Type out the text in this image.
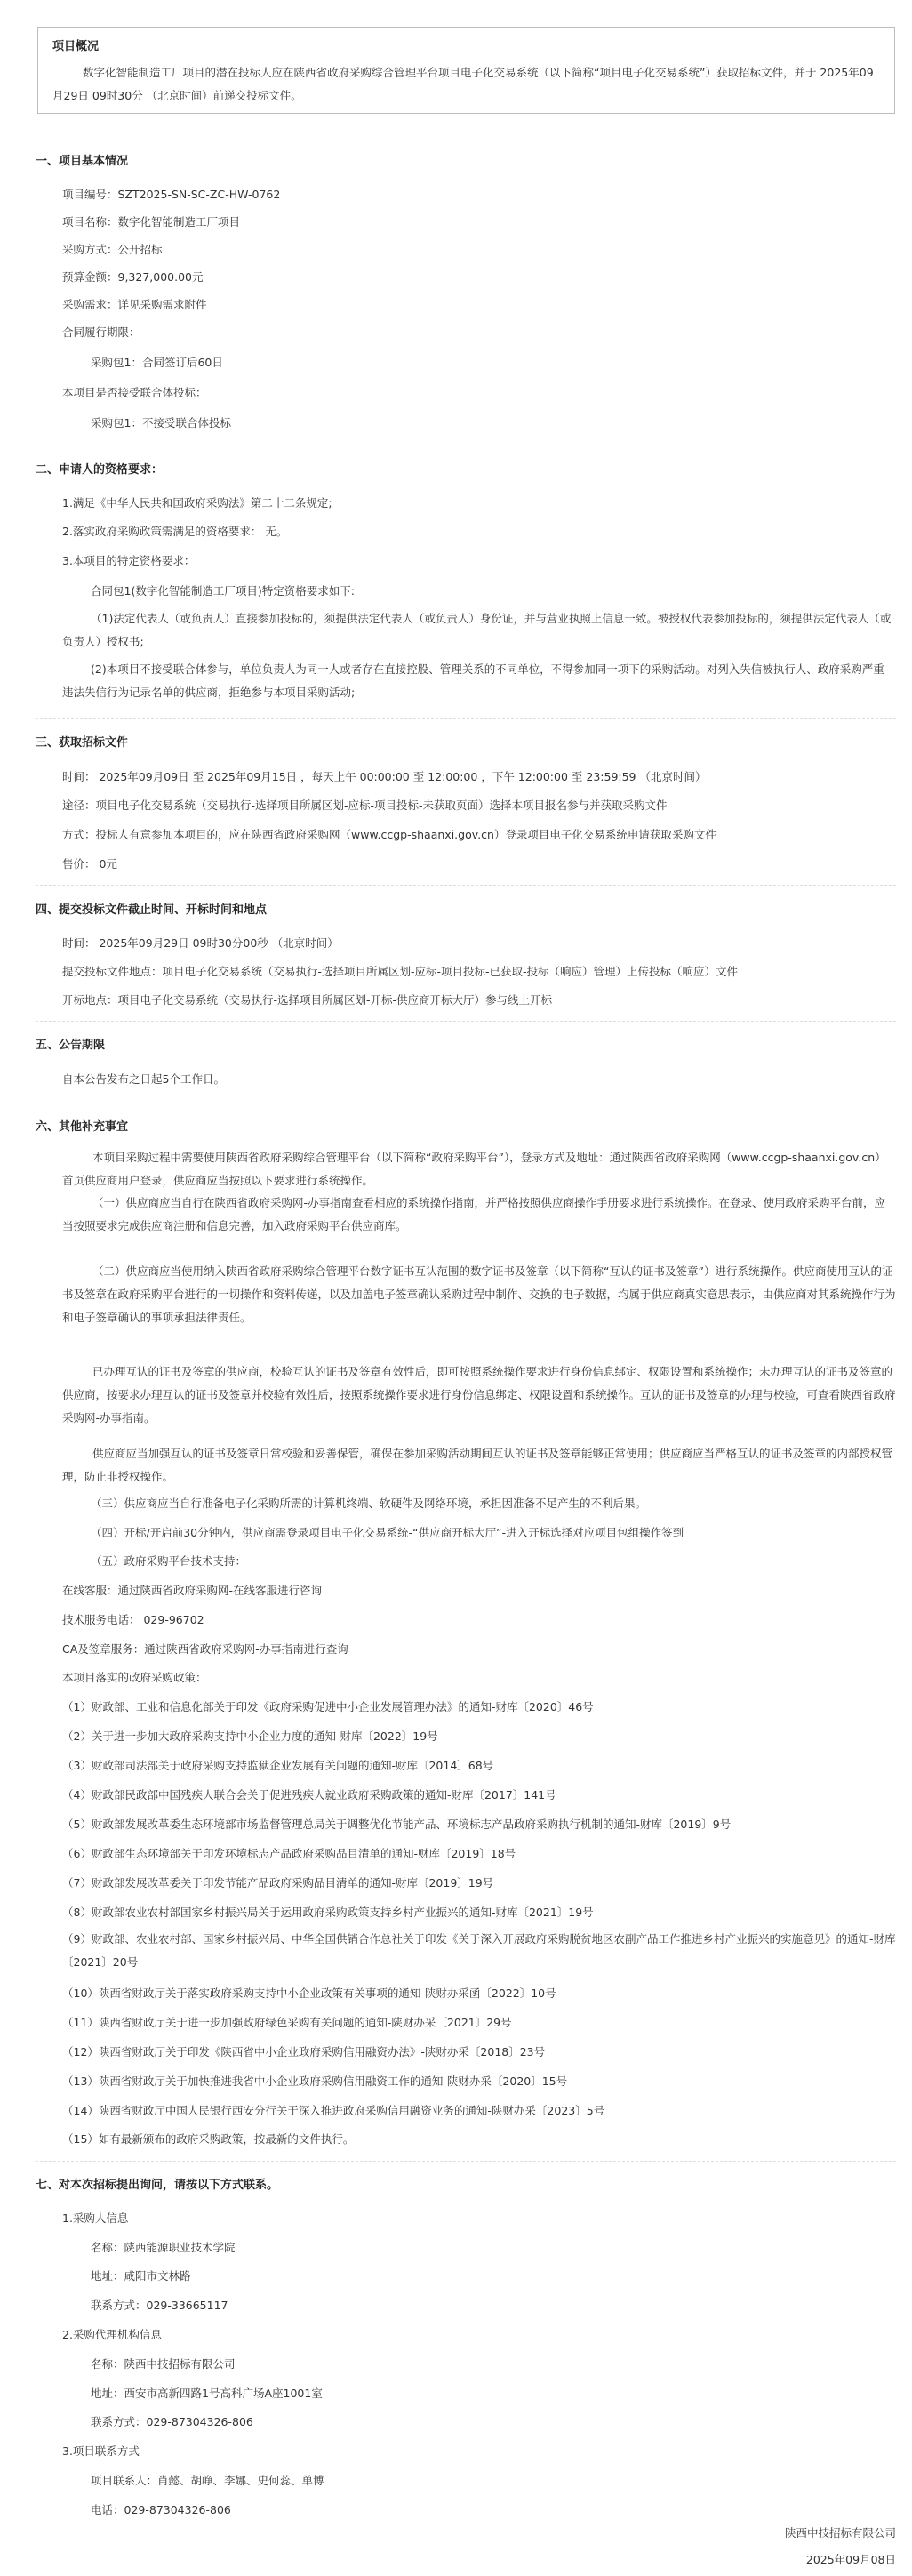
项目概况
数字化智能制造工厂项目的潜在投标人应在陕西省政府采购综合管理平台项目电子化交易系统（以下简称“项目电子化交易系统”）获取招标文件，并于 2025年09月29日 09时30分 （北京时间）前递交投标文件。
一、项目基本情况
项目编号：SZT2025-SN-SC-ZC-HW-0762
项目名称：数字化智能制造工厂项目
采购方式：公开招标
预算金额：9,327,000.00元
采购需求：详见采购需求附件
合同履行期限：
采购包1：合同签订后60日
本项目是否接受联合体投标：
采购包1：不接受联合体投标
二、申请人的资格要求：
1.满足《中华人民共和国政府采购法》第二十二条规定;
2.落实政府采购政策需满足的资格要求： 无。
3.本项目的特定资格要求：
合同包1(数字化智能制造工厂项目)特定资格要求如下:
（1)法定代表人（或负责人）直接参加投标的，须提供法定代表人（或负责人）身份证，并与营业执照上信息一致。被授权代表参加投标的，须提供法定代表人（或负责人）授权书;
(2)本项目不接受联合体参与，单位负责人为同一人或者存在直接控股、管理关系的不同单位，不得参加同一项下的采购活动。对列入失信被执行人、政府采购严重违法失信行为记录名单的供应商，拒绝参与本项目采购活动;
三、获取招标文件
时间： 2025年09月09日 至 2025年09月15日 ，每天上午 00:00:00 至 12:00:00 ，下午 12:00:00 至 23:59:59 （北京时间）
途径：项目电子化交易系统（交易执行-选择项目所属区划-应标-项目投标-未获取页面）选择本项目报名参与并获取采购文件
方式：投标人有意参加本项目的，应在陕西省政府采购网（www.ccgp-shaanxi.gov.cn）登录项目电子化交易系统申请获取采购文件
售价： 0元
四、提交投标文件截止时间、开标时间和地点
时间： 2025年09月29日 09时30分00秒 （北京时间）
提交投标文件地点：项目电子化交易系统（交易执行-选择项目所属区划-应标-项目投标-已获取-投标（响应）管理）上传投标（响应）文件
开标地点：项目电子化交易系统（交易执行-选择项目所属区划-开标-供应商开标大厅）参与线上开标
五、公告期限
自本公告发布之日起5个工作日。
六、其他补充事宜
本项目采购过程中需要使用陕西省政府采购综合管理平台（以下简称“政府采购平台”），登录方式及地址：通过陕西省政府采购网（www.ccgp-shaanxi.gov.cn）首页供应商用户登录，供应商应当按照以下要求进行系统操作。
（一）供应商应当自行在陕西省政府采购网-办事指南查看相应的系统操作指南，并严格按照供应商操作手册要求进行系统操作。在登录、使用政府采购平台前，应当按照要求完成供应商注册和信息完善，加入政府采购平台供应商库。
（二）供应商应当使用纳入陕西省政府采购综合管理平台数字证书互认范围的数字证书及签章（以下简称“互认的证书及签章”）进行系统操作。供应商使用互认的证书及签章在政府采购平台进行的一切操作和资料传递，以及加盖电子签章确认采购过程中制作、交换的电子数据，均属于供应商真实意思表示，由供应商对其系统操作行为和电子签章确认的事项承担法律责任。
已办理互认的证书及签章的供应商，校验互认的证书及签章有效性后，即可按照系统操作要求进行身份信息绑定、权限设置和系统操作；未办理互认的证书及签章的供应商，按要求办理互认的证书及签章并校验有效性后，按照系统操作要求进行身份信息绑定、权限设置和系统操作。互认的证书及签章的办理与校验，可查看陕西省政府采购网-办事指南。
供应商应当加强互认的证书及签章日常校验和妥善保管，确保在参加采购活动期间互认的证书及签章能够正常使用；供应商应当严格互认的证书及签章的内部授权管理，防止非授权操作。
（三）供应商应当自行准备电子化采购所需的计算机终端、软硬件及网络环境，承担因准备不足产生的不利后果。
（四）开标/开启前30分钟内，供应商需登录项目电子化交易系统-“供应商开标大厅”-进入开标选择对应项目包组操作签到
（五）政府采购平台技术支持：
在线客服：通过陕西省政府采购网-在线客服进行咨询
技术服务电话： 029-96702
CA及签章服务：通过陕西省政府采购网-办事指南进行查询
本项目落实的政府采购政策：
（1）财政部、工业和信息化部关于印发《政府采购促进中小企业发展管理办法》的通知-财库〔2020〕46号
（2）关于进一步加大政府采购支持中小企业力度的通知-财库〔2022〕19号
（3）财政部司法部关于政府采购支持监狱企业发展有关问题的通知-财库〔2014〕68号
（4）财政部民政部中国残疾人联合会关于促进残疾人就业政府采购政策的通知-财库〔2017〕141号
（5）财政部发展改革委生态环境部市场监督管理总局关于调整优化节能产品、环境标志产品政府采购执行机制的通知-财库〔2019〕9号
（6）财政部生态环境部关于印发环境标志产品政府采购品目清单的通知-财库〔2019〕18号
（7）财政部发展改革委关于印发节能产品政府采购品目清单的通知-财库〔2019〕19号
（8）财政部农业农村部国家乡村振兴局关于运用政府采购政策支持乡村产业振兴的通知-财库〔2021〕19号
（9）财政部、农业农村部、国家乡村振兴局、中华全国供销合作总社关于印发《关于深入开展政府采购脱贫地区农副产品工作推进乡村产业振兴的实施意见》的通知-财库〔2021〕20号
（10）陕西省财政厅关于落实政府采购支持中小企业政策有关事项的通知-陕财办采函〔2022〕10号
（11）陕西省财政厅关于进一步加强政府绿色采购有关问题的通知-陕财办采〔2021〕29号
（12）陕西省财政厅关于印发《陕西省中小企业政府采购信用融资办法》-陕财办采〔2018〕23号
（13）陕西省财政厅关于加快推进我省中小企业政府采购信用融资工作的通知-陕财办采〔2020〕15号
（14）陕西省财政厅中国人民银行西安分行关于深入推进政府采购信用融资业务的通知-陕财办采〔2023〕5号
（15）如有最新颁布的政府采购政策，按最新的文件执行。
七、对本次招标提出询问，请按以下方式联系。
1.采购人信息
名称：陕西能源职业技术学院
地址：咸阳市文林路
联系方式：029-33665117
2.采购代理机构信息
名称：陕西中技招标有限公司
地址：西安市高新四路1号高科广场A座1001室
联系方式：029-87304326-806
3.项目联系方式
项目联系人：肖懿、胡峥、李娜、史何蕊、单博
电话：029-87304326-806
陕西中技招标有限公司
2025年09月08日
